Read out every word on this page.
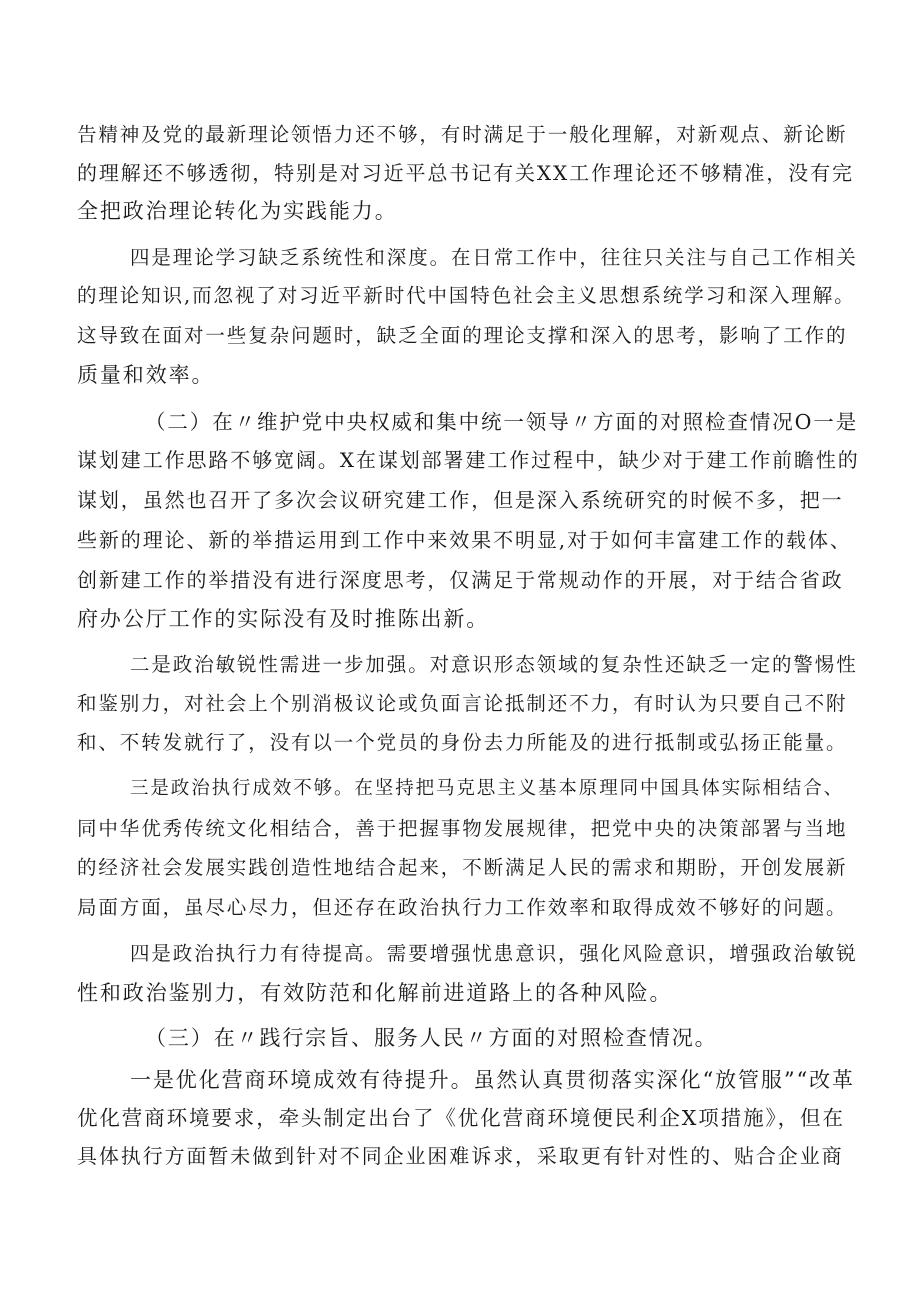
告精神及党的最新理论领悟力还不够，有时满足于一般化理解，对新观点、新论断
的理解还不够透彻，特别是对习近平总书记有关XX工作理论还不够精准，没有完
全把政治理论转化为实践能力。
四是理论学习缺乏系统性和深度。在日常工作中，往往只关注与自己工作相关
的理论知识,而忽视了对习近平新时代中国特色社会主义思想系统学习和深入理解。
这导致在面对一些复杂问题时，缺乏全面的理论支撑和深入的思考，影响了工作的
质量和效率。
（二）在〃维护党中央权威和集中统一领导〃方面的对照检查情况O一是
谋划建工作思路不够宽阔。X在谋划部署建工作过程中，缺少对于建工作前瞻性的
谋划，虽然也召开了多次会议研究建工作，但是深入系统研究的时候不多，把一
些新的理论、新的举措运用到工作中来效果不明显,对于如何丰富建工作的载体、
创新建工作的举措没有进行深度思考，仅满足于常规动作的开展，对于结合省政
府办公厅工作的实际没有及时推陈出新。
二是政治敏锐性需进一步加强。对意识形态领域的复杂性还缺乏一定的警惕性
和鉴别力，对社会上个别消极议论或负面言论抵制还不力，有时认为只要自己不附
和、不转发就行了，没有以一个党员的身份去力所能及的进行抵制或弘扬正能量。
三是政治执行成效不够。在坚持把马克思主义基本原理同中国具体实际相结合、
同中华优秀传统文化相结合，善于把握事物发展规律，把党中央的决策部署与当地
的经济社会发展实践创造性地结合起来，不断满足人民的需求和期盼，开创发展新
局面方面，虽尽心尽力，但还存在政治执行力工作效率和取得成效不够好的问题。
四是政治执行力有待提高。需要增强忧患意识，强化风险意识，增强政治敏锐
性和政治鉴别力，有效防范和化解前进道路上的各种风险。
（三）在〃践行宗旨、服务人民〃方面的对照检查情况。
一是优化营商环境成效有待提升。虽然认真贯彻落实深化“放管服”“改革
优化营商环境要求，牵头制定出台了《优化营商环境便民利企X项措施》，但在
具体执行方面暂未做到针对不同企业困难诉求，采取更有针对性的、贴合企业商
